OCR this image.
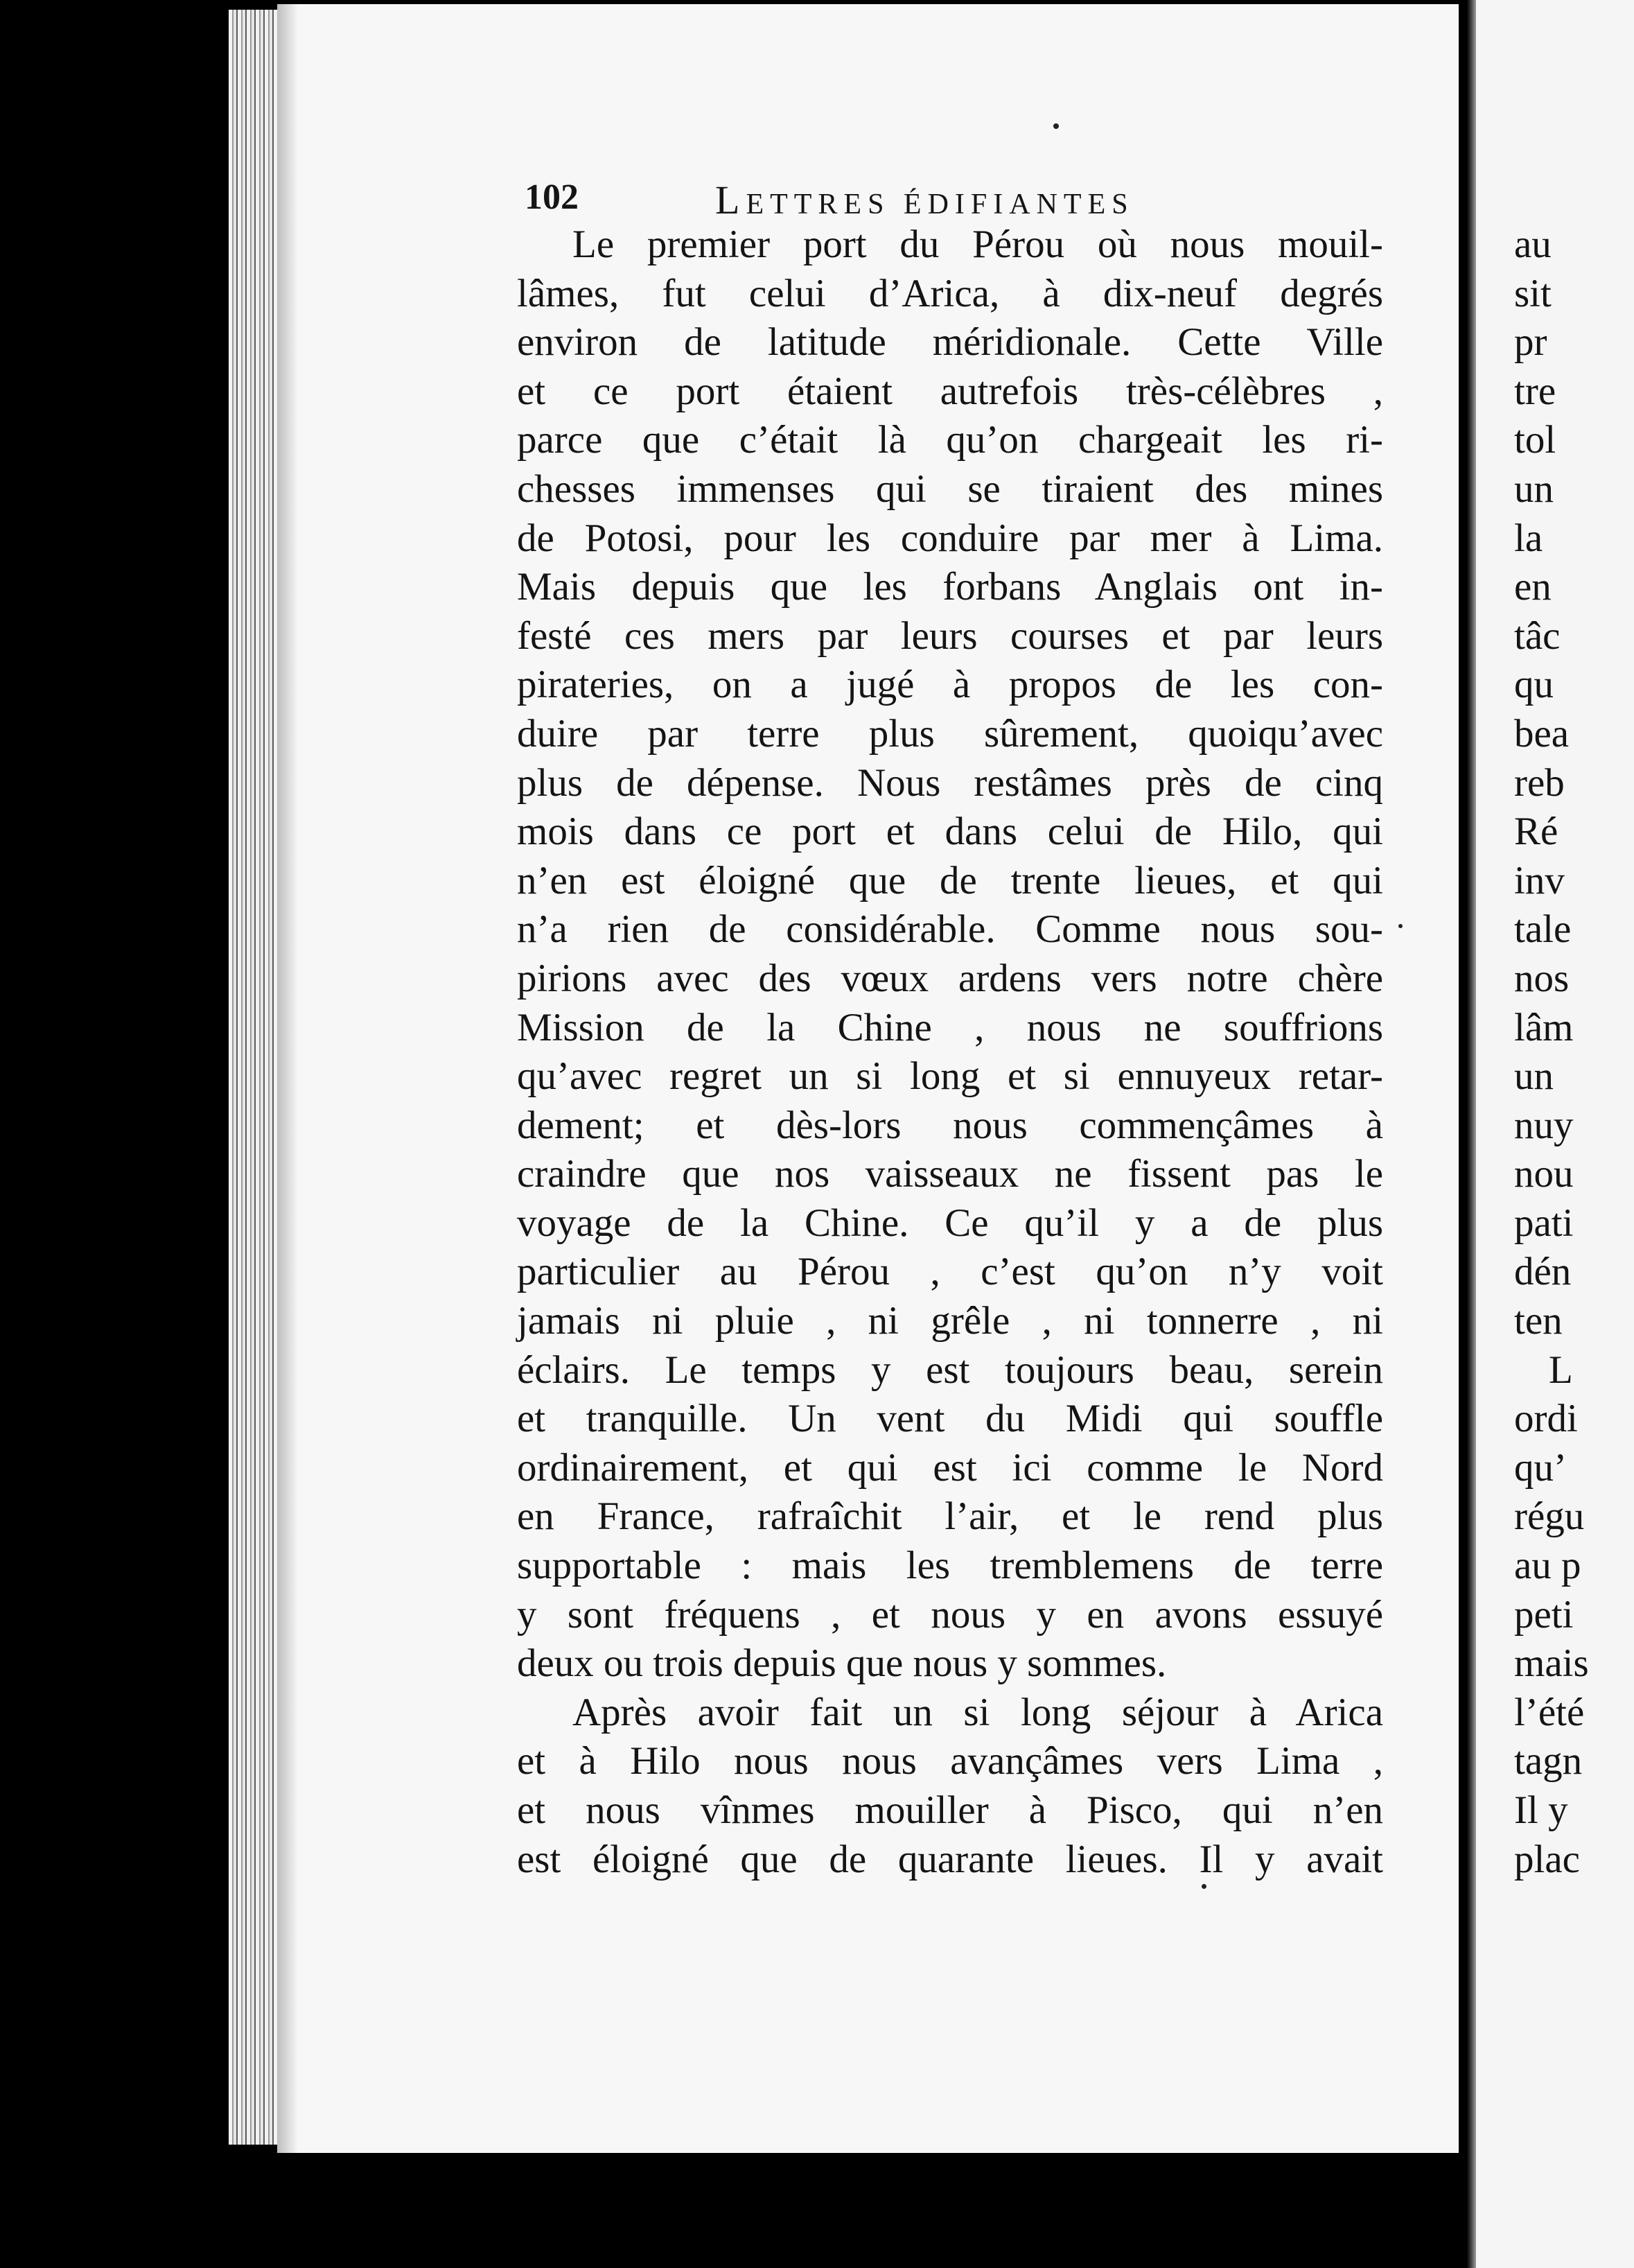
102	LETTRES ÉDIFIANTES
Le premier port du Pérou où nous mouil-
lâmes, fut celui d’Arica, à dix-neuf degrés
environ de latitude méridionale. Cette Ville
et ce port étaient autrefois très-célèbres ,
parce que c’était là qu’on chargeait les ri-
chesses immenses qui se tiraient des mines
de Potosi, pour les conduire par mer à Lima.
Mais depuis que les forbans Anglais ont in-
festé ces mers par leurs courses et par leurs
pirateries, on a jugé à propos de les con-
duire par terre plus sûrement, quoiqu’avec
plus de dépense. Nous restâmes près de cinq
mois dans ce port et dans celui de Hilo, qui
n’en est éloigné que de trente lieues, et qui
n’a rien de considérable. Comme nous sou-
pirions avec des vœux ardens vers notre chère
Mission de la Chine , nous ne souffrions
qu’avec regret un si long et si ennuyeux retar-
dement; et dès-lors nous commençâmes à
craindre que nos vaisseaux ne fissent pas le
voyage de la Chine. Ce qu’il y a de plus
particulier au Pérou , c’est qu’on n’y voit
jamais ni pluie , ni grêle , ni tonnerre , ni
éclairs. Le temps y est toujours beau, serein
et tranquille. Un vent du Midi qui souffle
ordinairement, et qui est ici comme le Nord
en France, rafraîchit l’air, et le rend plus
supportable : mais les tremblemens de terre
y sont fréquens , et nous y en avons essuyé
deux ou trois depuis que nous y sommes.
Après avoir fait un si long séjour à Arica
et à Hilo nous nous avançâmes vers Lima ,
et nous vînmes mouiller à Pisco, qui n’en
est éloigné que de quarante lieues. Il y avait
au
sit
pr
tre
tol
un
la
en
tâc
qu
bea
reb
Ré
inv
tale
nos
lâm
un
nuy
nou
pati
dén
ten
L
ordi
qu’
régu
au p
peti
mais
l’été
tagn
Il y
plac
